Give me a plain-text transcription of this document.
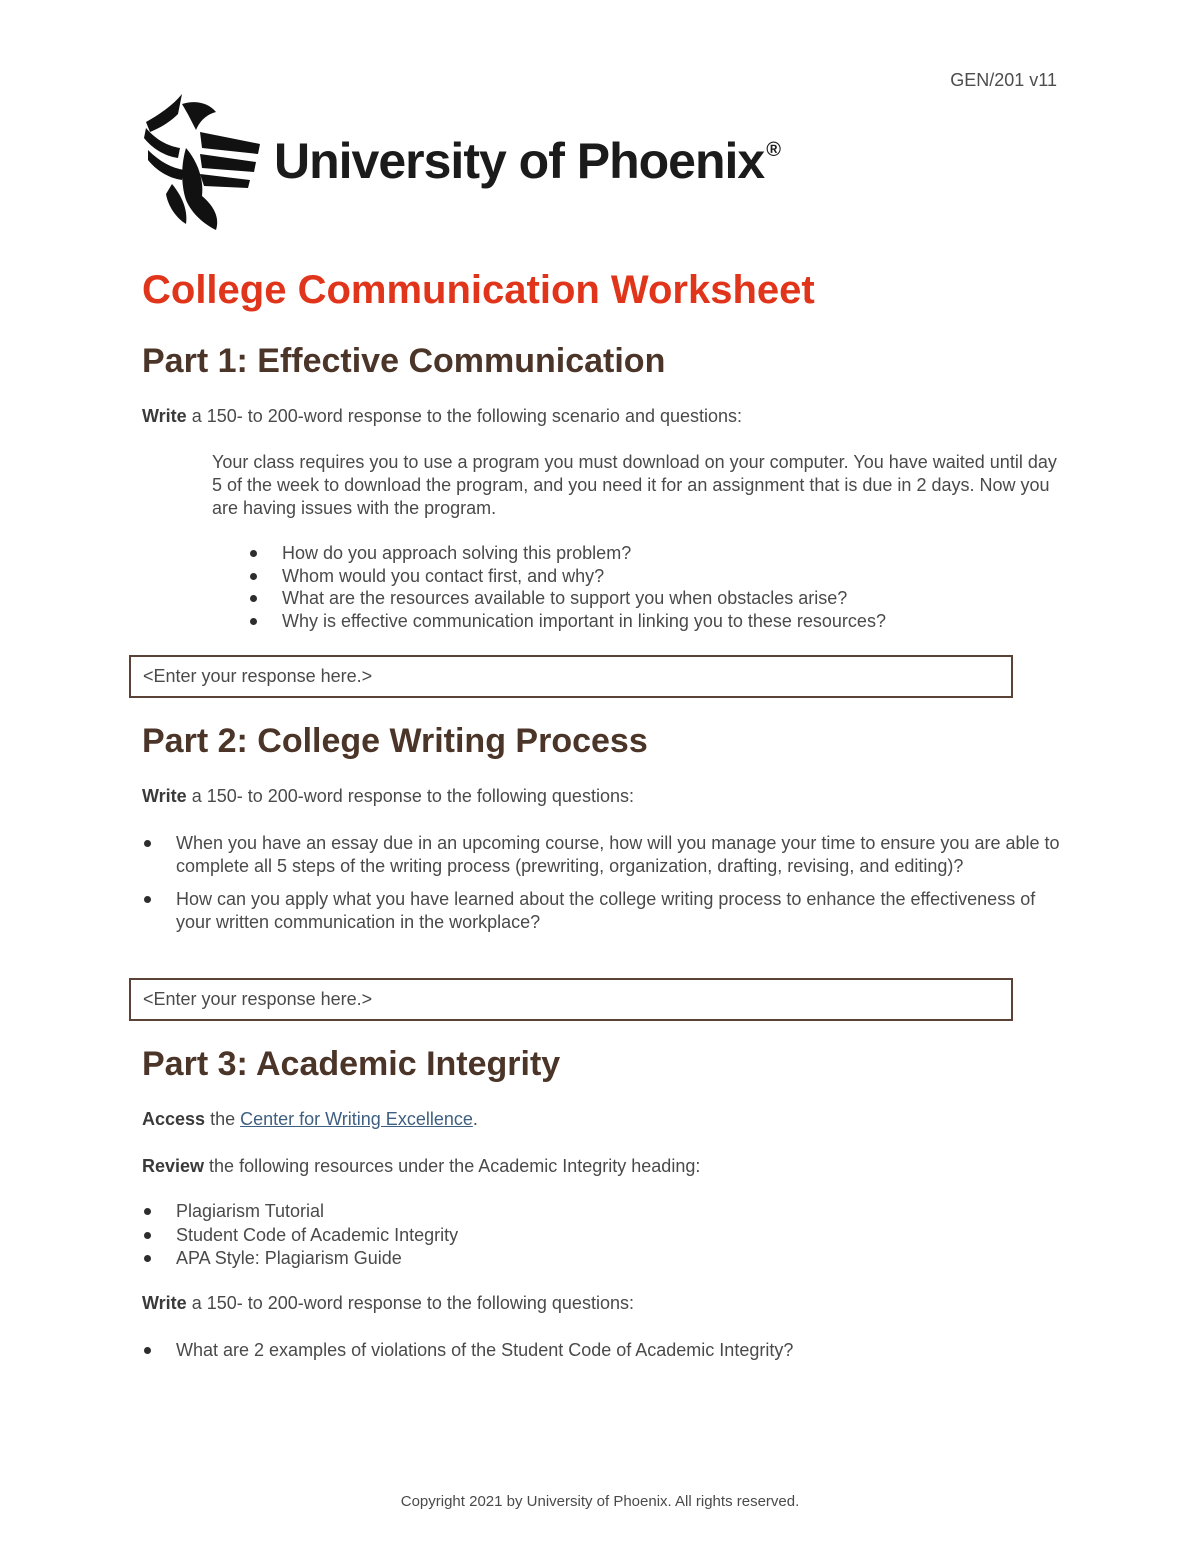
GEN/201 v11
University of Phoenix ®
College Communication Worksheet
Part 1: Effective Communication

Write a 150- to 200-word response to the following scenario and questions:

Your class requires you to use a program you must download on your computer. You have waited until day 5 of the week to download the program, and you need it for an assignment that is due in 2 days. Now you are having issues with the program.

How do you approach solving this problem?
Whom would you contact first, and why?
What are the resources available to support you when obstacles arise?
Why is effective communication important in linking you to these resources?
<Enter your response here.>
Part 2: College Writing Process

Write a 150- to 200-word response to the following questions:

When you have an essay due in an upcoming course, how will you manage your time to ensure you are able to complete all 5 steps of the writing process (prewriting, organization, drafting, revising, and editing)?
How can you apply what you have learned about the college writing process to enhance the effectiveness of your written communication in the workplace?
<Enter your response here.>
Part 3: Academic Integrity

Access the Center for Writing Excellence.

Review the following resources under the Academic Integrity heading:

Plagiarism Tutorial
Student Code of Academic Integrity
APA Style: Plagiarism Guide

Write a 150- to 200-word response to the following questions:

What are 2 examples of violations of the Student Code of Academic Integrity?
Copyright 2021 by University of Phoenix. All rights reserved.
